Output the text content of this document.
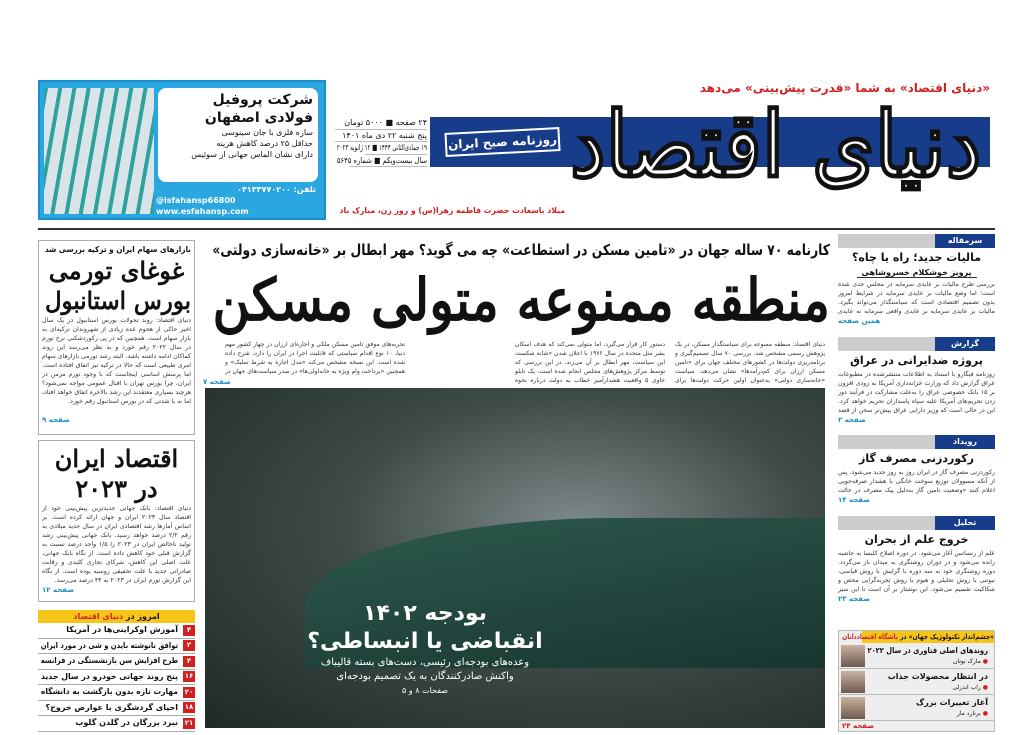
«دنیای اقتصاد» به شما «قدرت پیش‌بینی» می‌دهد
دنیای اقتصاد
روزنامه صبح ایران
۲۴ صفحه ■ ۵۰۰۰ تومان
پنج شنبه ۲۲ دی ماه ۱۴۰۱
۱۹ جمادی‌الثانی ۱۴۴۴ ■ ۱۲ ژانویه ۲۰۲۳
سال بیست‌و‌یکم ■ شماره ۵۶۴۵
میلاد باسعادت حضرت فاطمه زهرا(س) و روز زن، مبارک باد
شرکت پروفیل
فولادی اصفهان
سازه فلزی با جان سینوسی
حداقل ۲۵ درصد کاهش هزینه
دارای نشان الماس جهانی از سوئیس
تلفن: ۰۳۱۳۳۷۷۰۲۰۰
@isfahansp66800
www.esfahansp.com
کارنامه ۷۰ ساله جهان در «تامین مسکن در استطاعت» چه می گوید؟ مهر ابطال بر «خانه‌سازی دولتی»
منطقه ممنوعه متولی مسکن
دنیای اقتصاد: منطقه ممنوعه برای سیاستگذار مسکن، در یک پژوهش رسمی مشخص شد. بررسی ۷۰ سال تصمیم‌گیری و برنامه‌ریزی دولت‌ها در کشورهای مختلف جهان برای «تامین مسکن ارزان برای کم‌درآمدها» نشان می‌دهد، سیاست «خانه‌سازی دولتی» به‌عنوان اولین حرکت دولت‌ها برای
دستور کار قرار می‌گیرد، اما متولی نمی‌کند که هدف اسکان بشر مثل متحده در سال ۱۹۷۶ با اعلان شدن «شانه شکست این سیاست، مهر ابطال بر آن می‌زند. در این بررسی که توسط مرکز پژوهش‌های مجلس انجام شده است، یک تابلو حاوی ۵ واقعیت هشدارآمیز خطاب به دولت درباره نحوه
تجربه‌های موفق تامین مسکن ملکی و اجاره‌ای ارزان در چهار کشور مهم دنیا، ۱۰ نوع اقدام سیاستی که قابلیت اجرا در ایران را دارد، شرح داده شده است. این نسخه مشخص می‌کند «مدل اجاره به شرط تملیک» و همچنین «پرداخت وام ویژه به خانه‌اولی‌ها» در صدر سیاست‌های جهان در
صفحه ۷
بودجه ۱۴۰۲
انقباضی یا انبساطی؟
وعده‌های بودجه‌ای رئیسی، دست‌های بسته قالیباف
واکنش صادرکنندگان به یک تصمیم بودجه‌ای
صفحات ۸ و ۵
بازارهای سهام ایران و ترکیه بررسی شد
غوغای تورمی
بورس استانبول
دنیای اقتصاد: روند تحولات بورس استانبول در یک سال اخیر حاکی از هجوم عده زیادی از شهروندان ترکیه‌ای به بازار سهام است. همچنین که در پی رکوردشکنی نرخ تورم در سال ۲۰۲۲ رقم خورد و به نظر می‌رسد این روند کماکان ادامه داشته باشد. البته رشد تورمی بازارهای سهام امری طبیعی است که حالا در ترکیه نیز اتفاق افتاده است. اما پرسش اساسی اینجاست که با وجود تورم مزمن در ایران، چرا بورس تهران با اقبال عمومی مواجه نمی‌شود؟ هرچند بسیاری معتقدند این رشد بالاخره اتفاق خواهد افتاد، اما نه با شدتی که در بورس استانبول رقم خورد.
صفحه ۹
اقتصاد ایران
در ۲۰۲۳
دنیای اقتصاد: بانک جهانی جدیدترین پیش‌بینی خود از اقتصاد سال ۲۰۲۳ ایران و جهان ارائه کرده است. بر اساس آمارها رشد اقتصادی ایران در سال جدید میلادی به رقم ۲/۲ درصد خواهد رسید. بانک جهانی پیش‌بینی رشد تولید ناخالص ایران در ۲۰۲۳ را ۱/۵ واحد درصد نسبت به گزارش قبلی خود کاهش داده است. از نگاه بانک جهانی، علت اصلی این کاهش، شرکای تجاری کلیدی و رقابت صادراتی جدید با علت تخفیفی روسیه بوده است. از نگاه این گزارش تورم ایران در ۲۰۲۳ به ۴۴ درصد می‌رسد.
صفحه ۱۲
امروز در دنیای اقتصاد
۴
آموزش اوکراینی‌ها در آمریکا
۲
توافق نانوشته بایدن و شی در مورد ایران
۴
طرح افزایش سن بازنشستگی در فرانسه
۱۶
پنج روند جهانی خودرو در سال جدید
۲۰
مهارت تازه بدون بازگشت به دانشگاه
۱۸
احیای گردشگری با عوارض خروج؟
۲۱
نبرد بزرگان در گلدن گلوب
سرمقاله
مالیات جدید؛ راه یا چاه؟
پرویز خوشکلام خسروشاهی
بررسی طرح مالیات بر عایدی سرمایه در مجلس جدی شده است؛ اما وضع مالیات بر عایدی سرمایه در شرایط امروز بدون تصمیم اقتصادی است که سیاستگذار می‌تواند بگیرد. مالیات بر عایدی سرمایه بر عایدی واقعی سرمایه نه عایدی
همین صفحه
گزارش
پروژه ضدایرانی در عراق
روزنامه فیگارو با استناد به اطلاعات منتشرشده در مطبوعات عراق گزارش داد که وزارت خزانه‌داری آمریکا به زودی افزون بر ۱۵ بانک خصوصی عراق را به‌علت مشارکت در فرآیند دور زدن تحریم‌های آمریکا علیه سپاه پاسداران تحریم خواهد کرد. این در حالی است که وزیر دارایی عراق پیش‌تر سخن از قصد
صفحه ۲
رویداد
رکوردزنی مصرف گاز
رکوردزنی مصرف گاز در ایران روز به روز جدید می‌شود. پس از آنکه مسوولان توزیع سوخت خانگی با هشدار صرفه‌جویی اعلام کنند «وضعیت تامین گاز به‌دلیل پیک مصرف در حالت
صفحه ۱۴
تحلیل
خروج علم از بحران
علم از رنسانس آغاز می‌شود. در دوره اصلاح کلیسا به حاشیه رانده می‌شود و در دوران روشنگری به میدان باز می‌گردد. دوره روشنگری خود به سه دوره با گرایش با روش قیاسی، نیوتنی با روش تحلیلی و هیوم با روش تجربه‌گرایی محض و شکاکیت تقسیم می‌شود. این نوشتار بر آن است تا این سیر
صفحه ۲۳
«چشم‌انداز تکنولوژیک جهان» در باشگاه اقتصاددانان
روندهای اصلی فناوری در سال ۲۰۲۲
● مارک توتان
در انتظار محصولات جذاب
● راب اندرلی
آغاز تغییرات بزرگ
● برنارد مار
صفحه ۲۴
